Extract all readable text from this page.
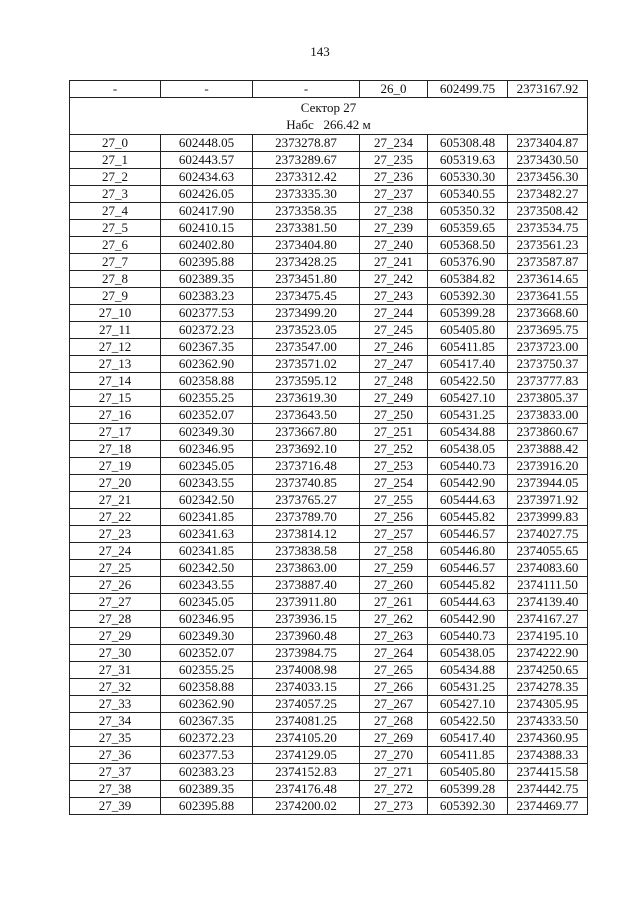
143
-	-	-	26_0	602499.75	2373167.92

Сектор 27
Набс 266.42 м					

27_0	602448.05	2373278.87	27_234	605308.48	2373404.87
27_1	602443.57	2373289.67	27_235	605319.63	2373430.50
27_2	602434.63	2373312.42	27_236	605330.30	2373456.30
27_3	602426.05	2373335.30	27_237	605340.55	2373482.27
27_4	602417.90	2373358.35	27_238	605350.32	2373508.42
27_5	602410.15	2373381.50	27_239	605359.65	2373534.75
27_6	602402.80	2373404.80	27_240	605368.50	2373561.23
27_7	602395.88	2373428.25	27_241	605376.90	2373587.87
27_8	602389.35	2373451.80	27_242	605384.82	2373614.65
27_9	602383.23	2373475.45	27_243	605392.30	2373641.55
27_10	602377.53	2373499.20	27_244	605399.28	2373668.60
27_11	602372.23	2373523.05	27_245	605405.80	2373695.75
27_12	602367.35	2373547.00	27_246	605411.85	2373723.00
27_13	602362.90	2373571.02	27_247	605417.40	2373750.37
27_14	602358.88	2373595.12	27_248	605422.50	2373777.83
27_15	602355.25	2373619.30	27_249	605427.10	2373805.37
27_16	602352.07	2373643.50	27_250	605431.25	2373833.00
27_17	602349.30	2373667.80	27_251	605434.88	2373860.67
27_18	602346.95	2373692.10	27_252	605438.05	2373888.42
27_19	602345.05	2373716.48	27_253	605440.73	2373916.20
27_20	602343.55	2373740.85	27_254	605442.90	2373944.05
27_21	602342.50	2373765.27	27_255	605444.63	2373971.92
27_22	602341.85	2373789.70	27_256	605445.82	2373999.83
27_23	602341.63	2373814.12	27_257	605446.57	2374027.75
27_24	602341.85	2373838.58	27_258	605446.80	2374055.65
27_25	602342.50	2373863.00	27_259	605446.57	2374083.60
27_26	602343.55	2373887.40	27_260	605445.82	2374111.50
27_27	602345.05	2373911.80	27_261	605444.63	2374139.40
27_28	602346.95	2373936.15	27_262	605442.90	2374167.27
27_29	602349.30	2373960.48	27_263	605440.73	2374195.10
27_30	602352.07	2373984.75	27_264	605438.05	2374222.90
27_31	602355.25	2374008.98	27_265	605434.88	2374250.65
27_32	602358.88	2374033.15	27_266	605431.25	2374278.35
27_33	602362.90	2374057.25	27_267	605427.10	2374305.95
27_34	602367.35	2374081.25	27_268	605422.50	2374333.50
27_35	602372.23	2374105.20	27_269	605417.40	2374360.95
27_36	602377.53	2374129.05	27_270	605411.85	2374388.33
27_37	602383.23	2374152.83	27_271	605405.80	2374415.58
27_38	602389.35	2374176.48	27_272	605399.28	2374442.75
27_39	602395.88	2374200.02	27_273	605392.30	2374469.77
